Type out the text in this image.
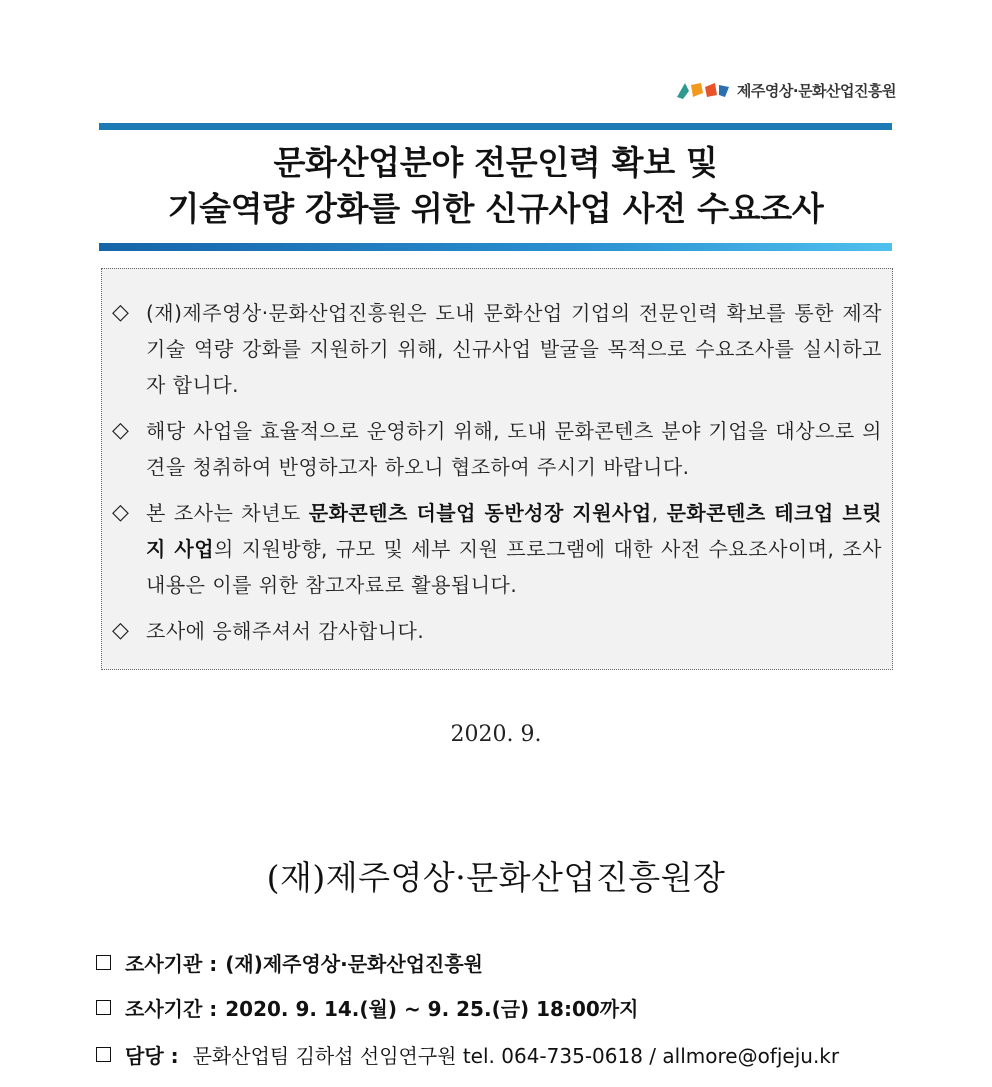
제주영상·문화산업진흥원
문화산업분야 전문인력 확보 및
기술역량 강화를 위한 신규사업 사전 수요조사
◇ (재)제주영상·문화산업진흥원은 도내 문화산업 기업의 전문인력 확보를 통한 제작기술 역량 강화를 지원하기 위해, 신규사업 발굴을 목적으로 수요조사를 실시하고자 합니다.
◇ 해당 사업을 효율적으로 운영하기 위해, 도내 문화콘텐츠 분야 기업을 대상으로 의견을 청취하여 반영하고자 하오니 협조하여 주시기 바랍니다.
◇ 본 조사는 차년도 문화콘텐츠 더블업 동반성장 지원사업, 문화콘텐츠 테크업 브릿지 사업의 지원방향, 규모 및 세부 지원 프로그램에 대한 사전 수요조사이며, 조사 내용은 이를 위한 참고자료로 활용됩니다.
◇ 조사에 응해주셔서 감사합니다.
2020. 9.
(재)제주영상·문화산업진흥원장
조사기관 : (재)제주영상·문화산업진흥원
조사기간 : 2020. 9. 14.(월) ~ 9. 25.(금) 18:00까지
담당 : 문화산업팀 김하섭 선임연구원 tel. 064-735-0618 / allmore@ofjeju.kr
